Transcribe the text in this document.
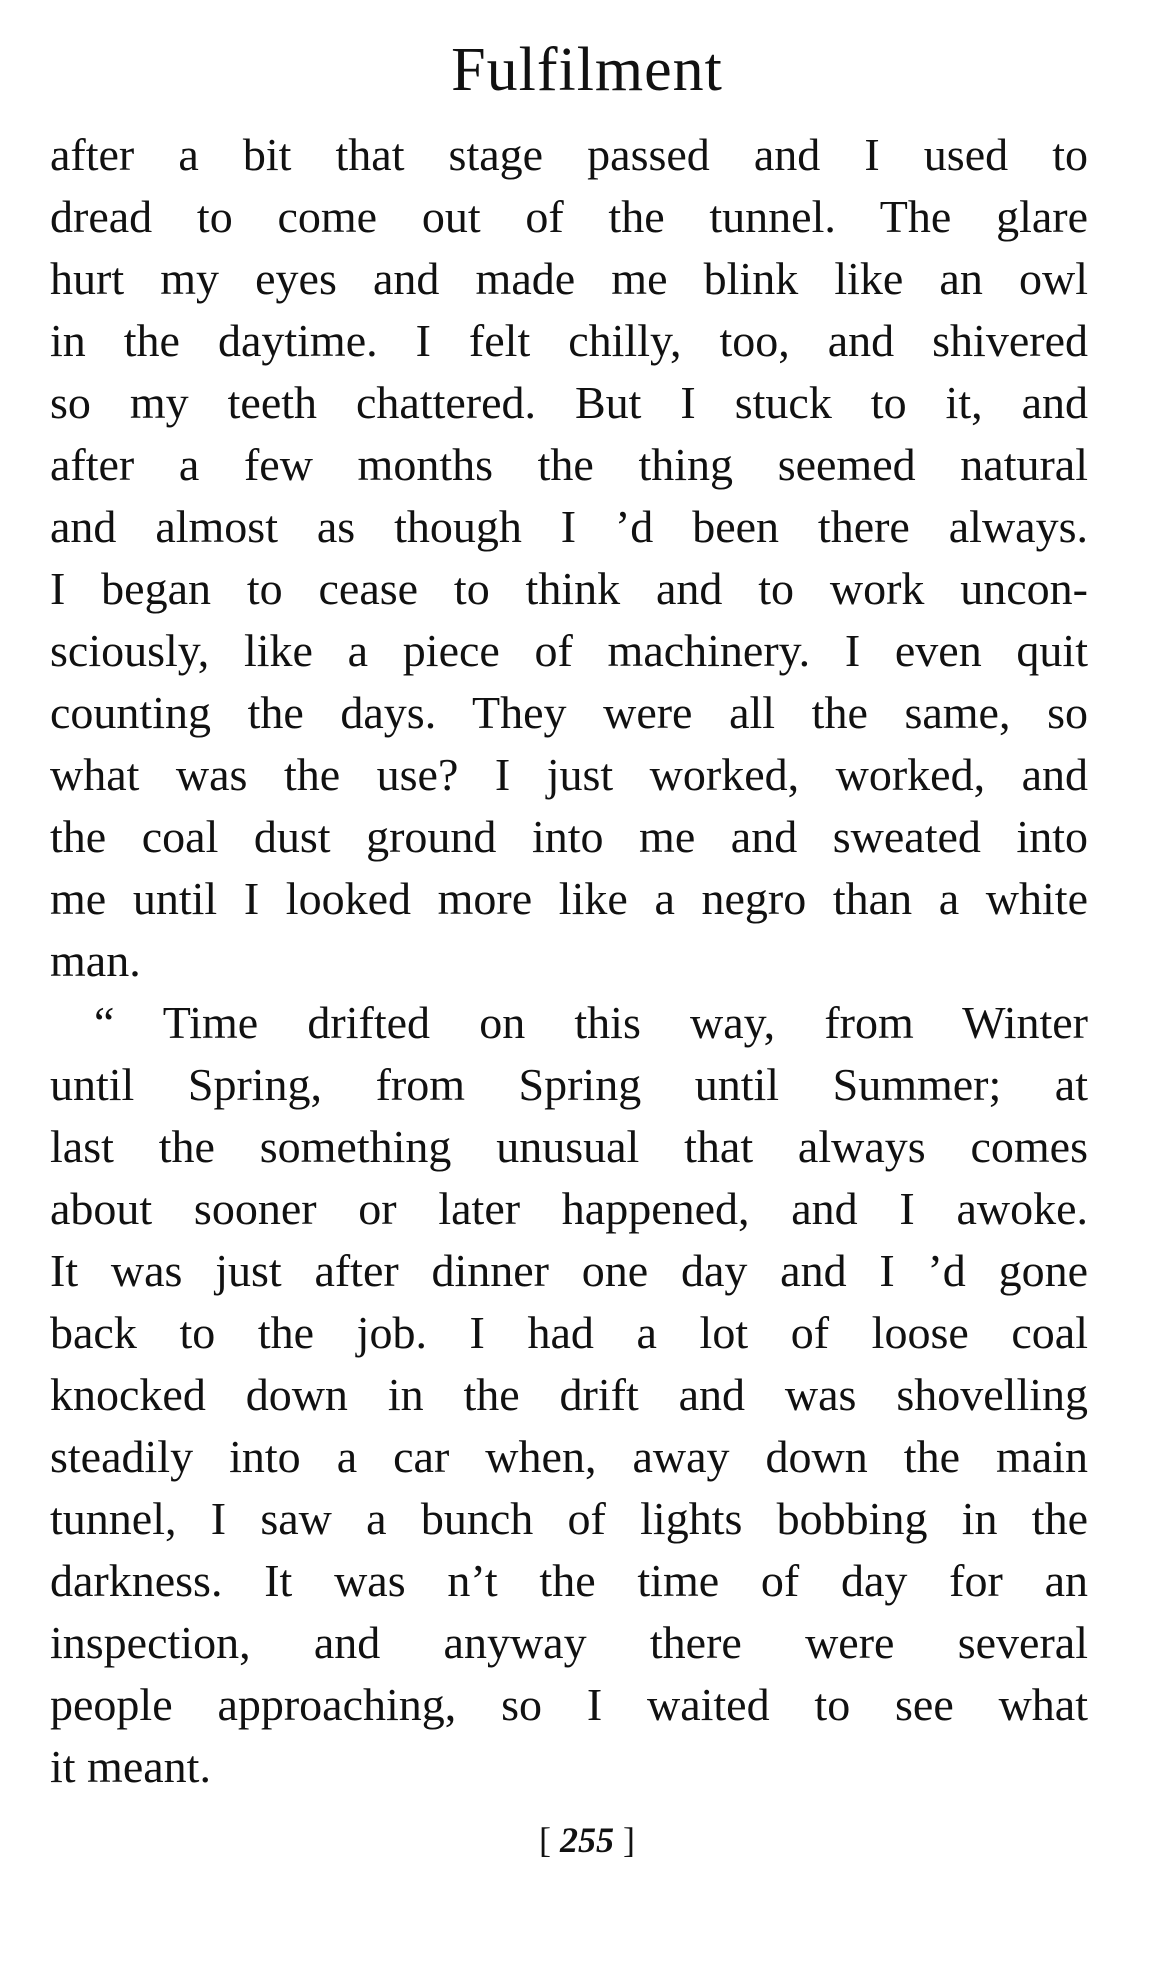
Fulfilment
after a bit that stage passed and I used to
dread to come out of the tunnel. The glare
hurt my eyes and made me blink like an owl
in the daytime. I felt chilly, too, and shivered
so my teeth chattered. But I stuck to it, and
after a few months the thing seemed natural
and almost as though I ’d been there always.
I began to cease to think and to work uncon-
sciously, like a piece of machinery. I even quit
counting the days. They were all the same, so
what was the use? I just worked, worked, and
the coal dust ground into me and sweated into
me until I looked more like a negro than a white
man.
“ Time drifted on this way, from Winter
until Spring, from Spring until Summer; at
last the something unusual that always comes
about sooner or later happened, and I awoke.
It was just after dinner one day and I ’d gone
back to the job. I had a lot of loose coal
knocked down in the drift and was shovelling
steadily into a car when, away down the main
tunnel, I saw a bunch of lights bobbing in the
darkness. It was n’t the time of day for an
inspection, and anyway there were several
people approaching, so I waited to see what
it meant.
[ 255 ]
